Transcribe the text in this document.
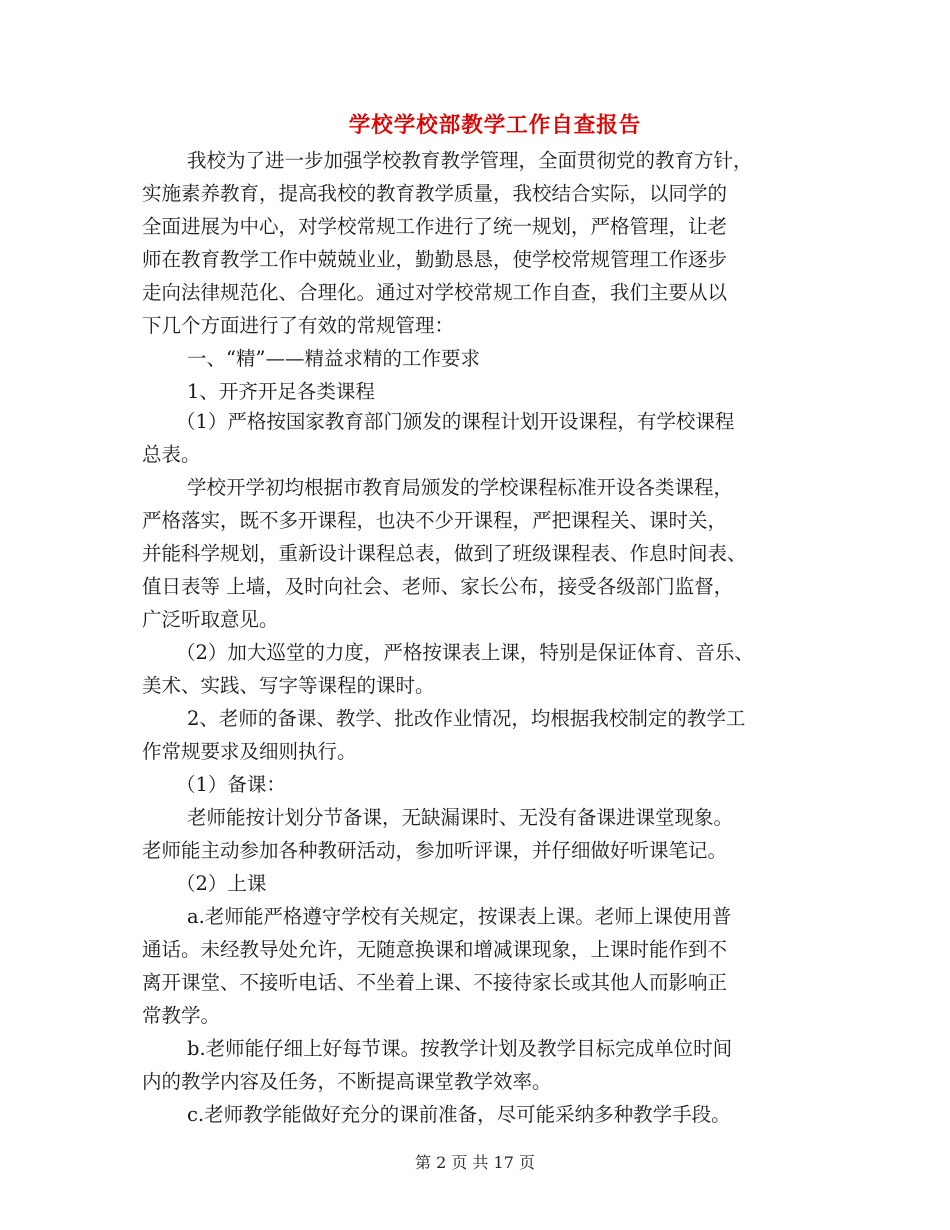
学校学校部教学工作自查报告
我校为了进一步加强学校教育教学管理，全面贯彻党的教育方针，
实施素养教育，提高我校的教育教学质量，我校结合实际，以同学的
全面进展为中心，对学校常规工作进行了统一规划，严格管理，让老
师在教育教学工作中兢兢业业，勤勤恳恳，使学校常规管理工作逐步
走向法律规范化、合理化。通过对学校常规工作自查，我们主要从以
下几个方面进行了有效的常规管理：
一、“精”——精益求精的工作要求
1、开齐开足各类课程
（1）严格按国家教育部门颁发的课程计划开设课程，有学校课程
总表。
学校开学初均根据市教育局颁发的学校课程标准开设各类课程，
严格落实，既不多开课程，也决不少开课程，严把课程关、课时关，
并能科学规划，重新设计课程总表，做到了班级课程表、作息时间表、
值日表等 上墙，及时向社会、老师、家长公布，接受各级部门监督，
广泛听取意见。
（2）加大巡堂的力度，严格按课表上课，特别是保证体育、音乐、
美术、实践、写字等课程的课时。
2、老师的备课、教学、批改作业情况，均根据我校制定的教学工
作常规要求及细则执行。
（1）备课：
老师能按计划分节备课，无缺漏课时、无没有备课进课堂现象。
老师能主动参加各种教研活动，参加听评课，并仔细做好听课笔记。
（2）上课
a.老师能严格遵守学校有关规定，按课表上课。老师上课使用普
通话。未经教导处允许，无随意换课和增减课现象，上课时能作到不
离开课堂、不接听电话、不坐着上课、不接待家长或其他人而影响正
常教学。
b.老师能仔细上好每节课。按教学计划及教学目标完成单位时间
内的教学内容及任务，不断提高课堂教学效率。
c.老师教学能做好充分的课前准备，尽可能采纳多种教学手段。
第 2 页 共 17 页
